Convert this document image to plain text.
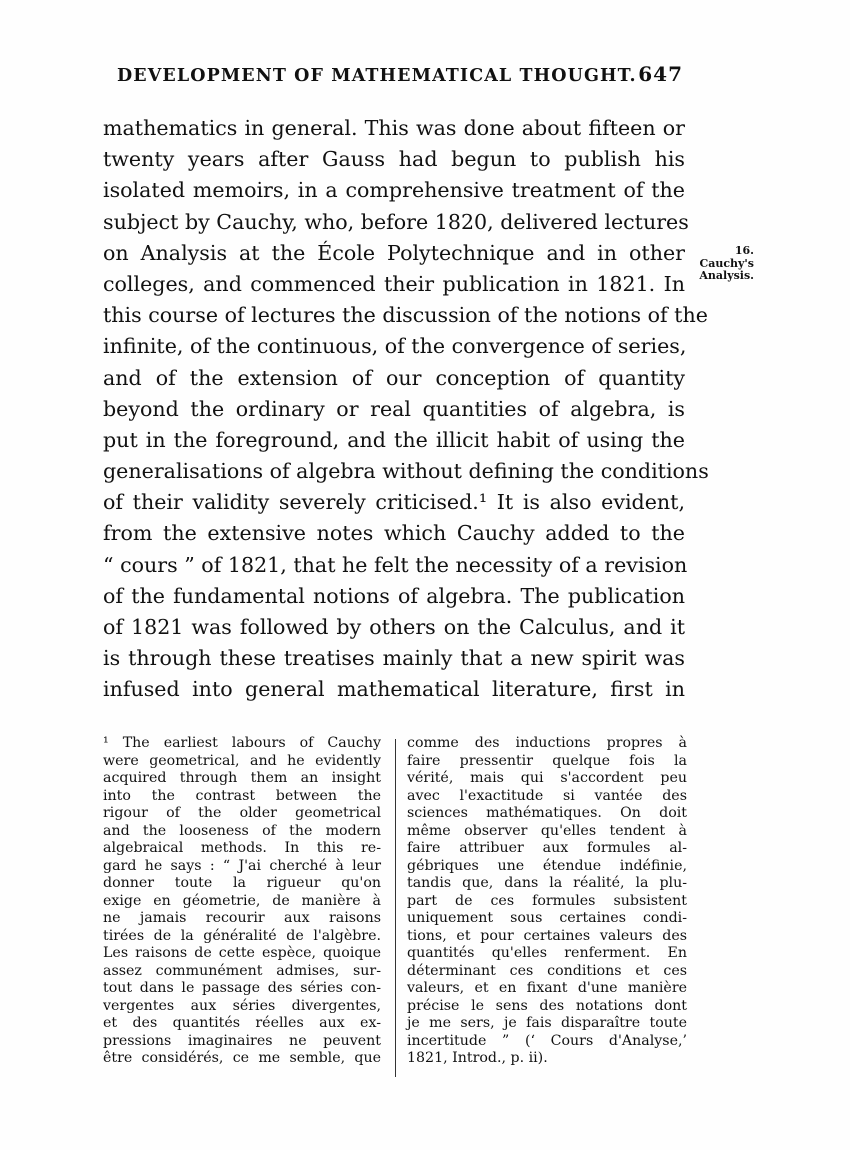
DEVELOPMENT OF MATHEMATICAL THOUGHT. 647
mathematics in general. This was done about fifteen or
twenty years after Gauss had begun to publish his
isolated memoirs, in a comprehensive treatment of the
subject by Cauchy, who, before 1820, delivered lectures
on Analysis at the École Polytechnique and in other
colleges, and commenced their publication in 1821. In
this course of lectures the discussion of the notions of the
infinite, of the continuous, of the convergence of series,
and of the extension of our conception of quantity
beyond the ordinary or real quantities of algebra, is
put in the foreground, and the illicit habit of using the
generalisations of algebra without defining the conditions
of their validity severely criticised.¹ It is also evident,
from the extensive notes which Cauchy added to the
“ cours ” of 1821, that he felt the necessity of a revision
of the fundamental notions of algebra. The publication
of 1821 was followed by others on the Calculus, and it
is through these treatises mainly that a new spirit was
infused into general mathematical literature, first in
16.
Cauchy's
Analysis.
¹ The earliest labours of Cauchy
were geometrical, and he evidently
acquired through them an insight
into the contrast between the
rigour of the older geometrical
and the looseness of the modern
algebraical methods. In this re-
gard he says : “ J'ai cherché à leur
donner toute la rigueur qu'on
exige en géometrie, de manière à
ne jamais recourir aux raisons
tirées de la généralité de l'algèbre.
Les raisons de cette espèce, quoique
assez communément admises, sur-
tout dans le passage des séries con-
vergentes aux séries divergentes,
et des quantités réelles aux ex-
pressions imaginaires ne peuvent
être considérés, ce me semble, que
comme des inductions propres à
faire pressentir quelque fois la
vérité, mais qui s'accordent peu
avec l'exactitude si vantée des
sciences mathématiques. On doit
même observer qu'elles tendent à
faire attribuer aux formules al-
gébriques une étendue indéfinie,
tandis que, dans la réalité, la plu-
part de ces formules subsistent
uniquement sous certaines condi-
tions, et pour certaines valeurs des
quantités qu'elles renferment. En
déterminant ces conditions et ces
valeurs, et en fixant d'une manière
précise le sens des notations dont
je me sers, je fais disparaître toute
incertitude ” (‘ Cours d'Analyse,’
1821, Introd., p. ii).
